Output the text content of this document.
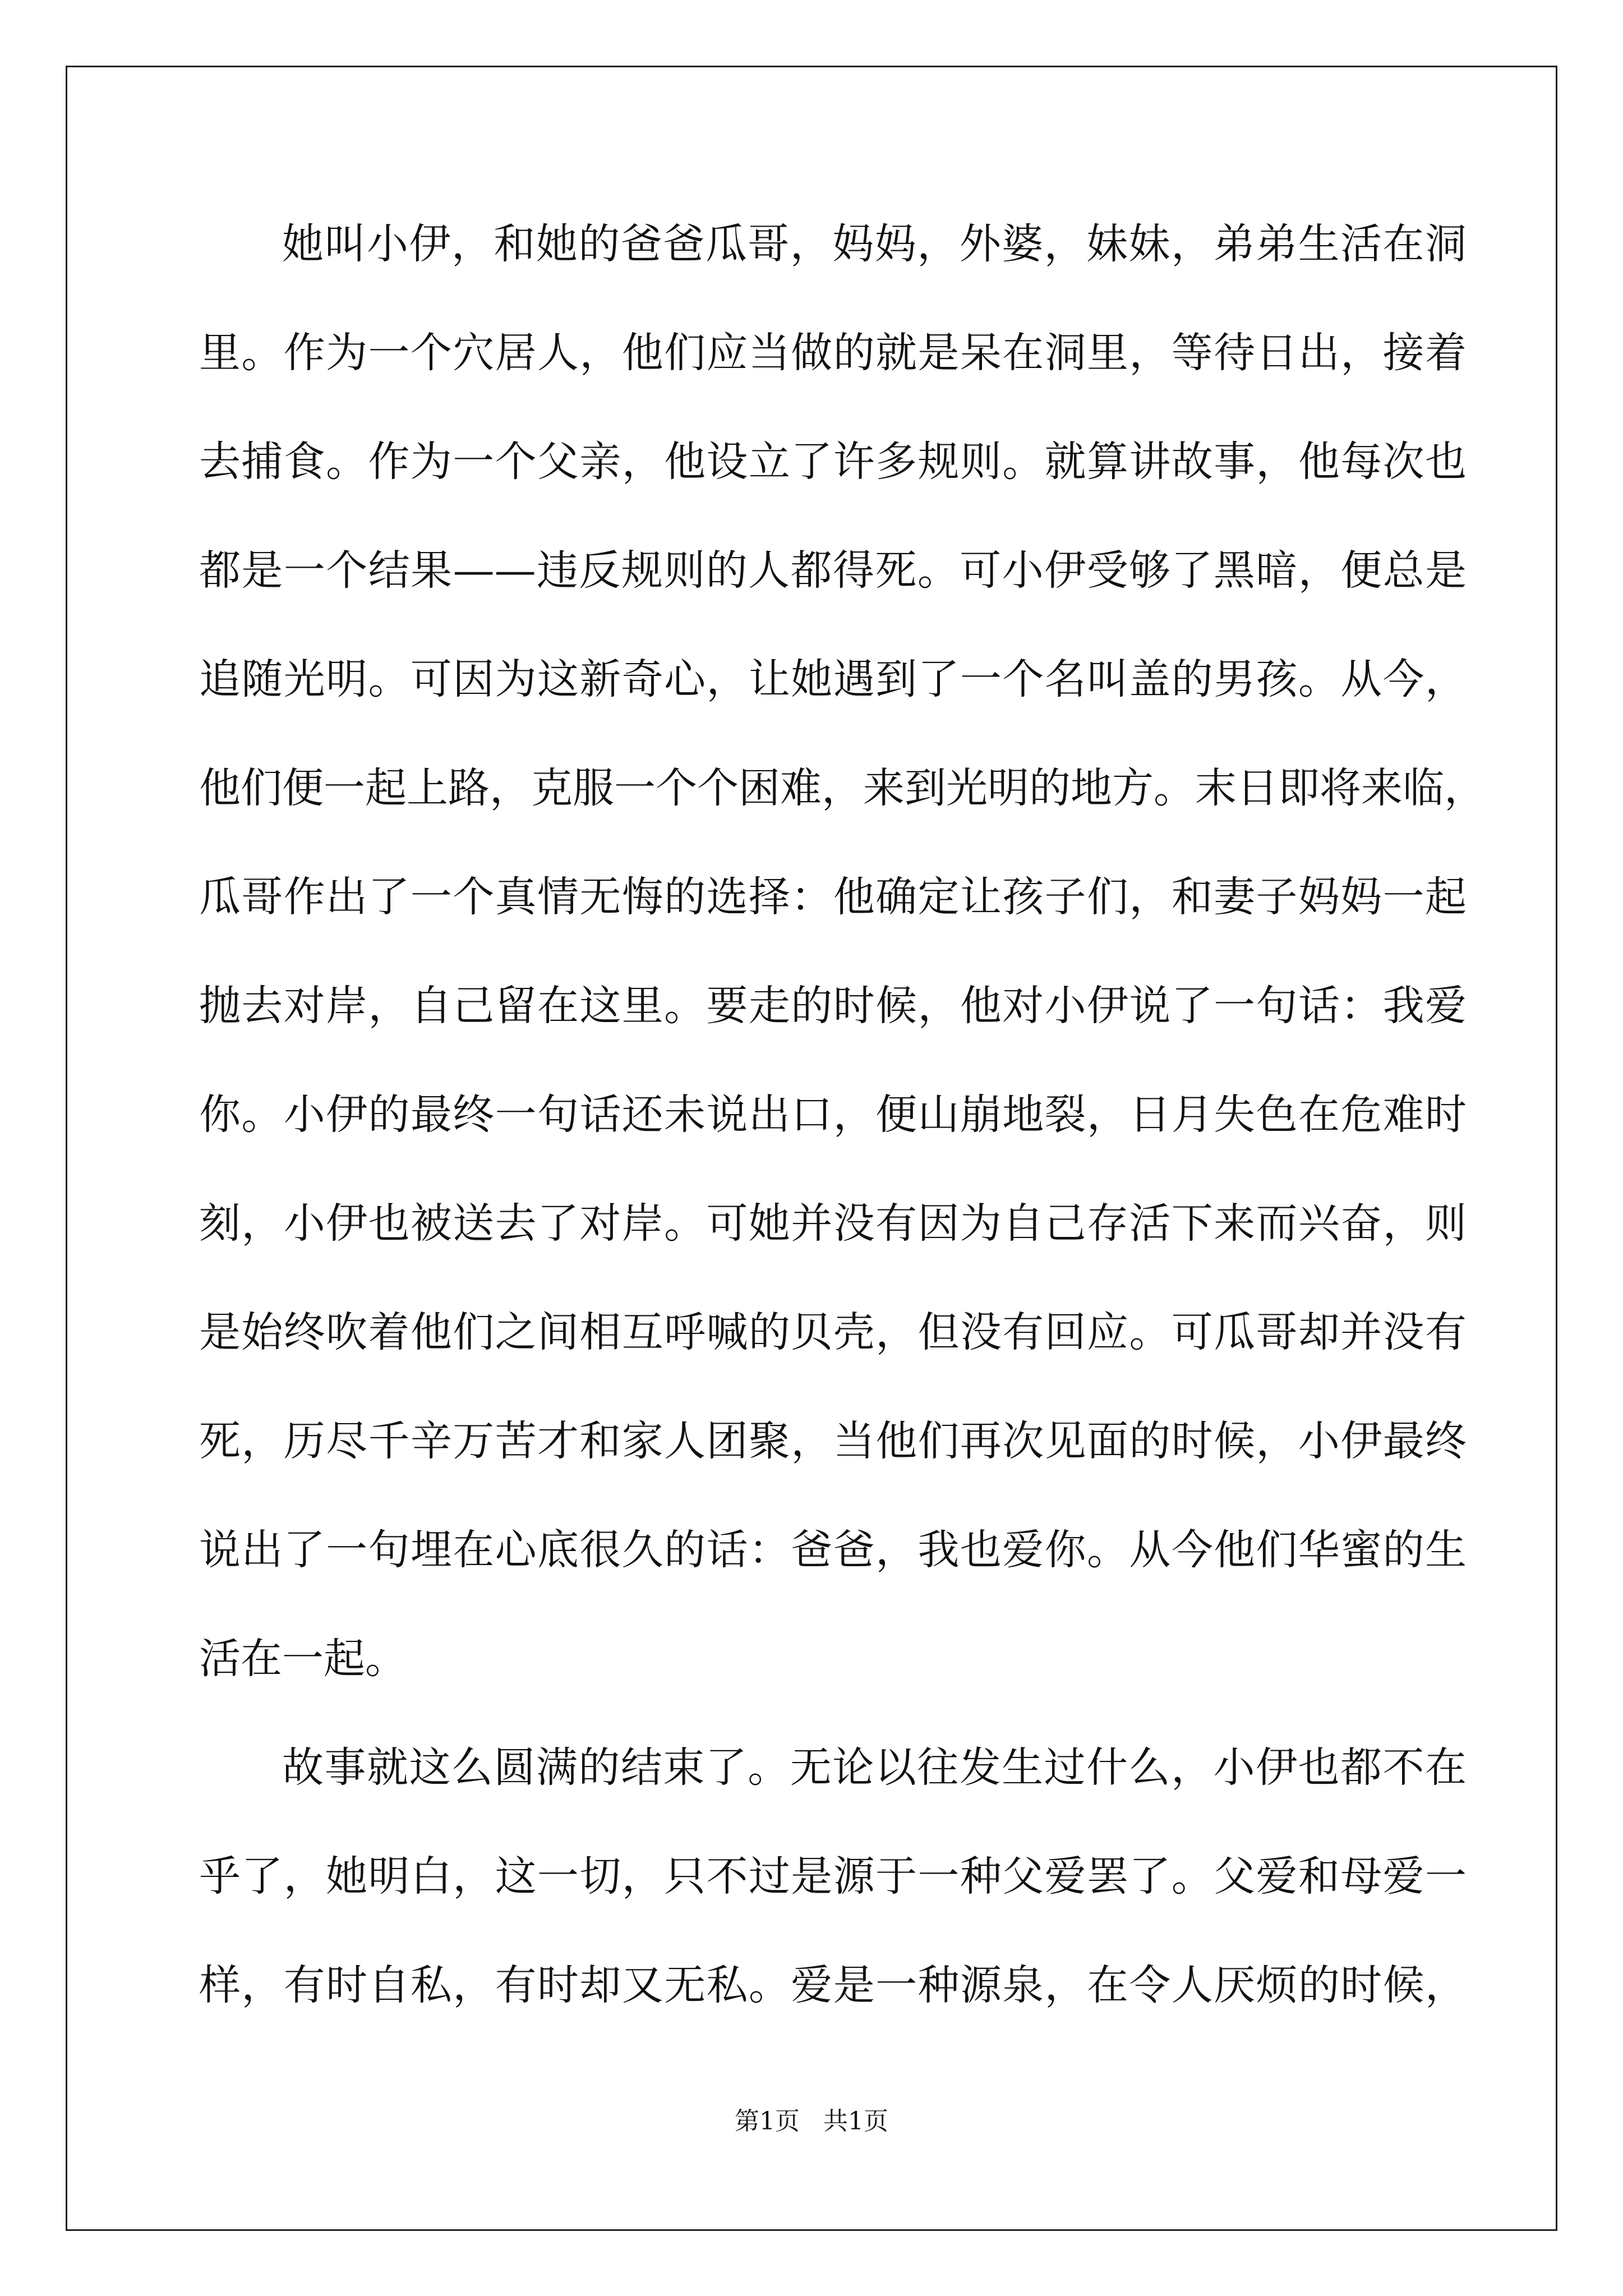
她叫小伊，和她的爸爸瓜哥，妈妈，外婆，妹妹，弟弟生活在洞
里。作为一个穴居人，他们应当做的就是呆在洞里，等待日出，接着
去捕食。作为一个父亲，他设立了许多规则。就算讲故事，他每次也
都是一个结果——违反规则的人都得死。可小伊受够了黑暗，便总是
追随光明。可因为这新奇心，让她遇到了一个名叫盖的男孩。从今，
他们便一起上路，克服一个个困难，来到光明的地方。末日即将来临，
瓜哥作出了一个真情无悔的选择：他确定让孩子们，和妻子妈妈一起
抛去对岸，自己留在这里。要走的时候，他对小伊说了一句话：我爱
你。小伊的最终一句话还未说出口，便山崩地裂，日月失色在危难时
刻，小伊也被送去了对岸。可她并没有因为自己存活下来而兴奋，则
是始终吹着他们之间相互呼喊的贝壳，但没有回应。可瓜哥却并没有
死，历尽千辛万苦才和家人团聚，当他们再次见面的时候，小伊最终
说出了一句埋在心底很久的话：爸爸，我也爱你。从今他们华蜜的生
活在一起。
故事就这么圆满的结束了。无论以往发生过什么，小伊也都不在
乎了，她明白，这一切，只不过是源于一种父爱罢了。父爱和母爱一
样，有时自私，有时却又无私。爱是一种源泉，在令人厌烦的时候，
第1页   共1页
